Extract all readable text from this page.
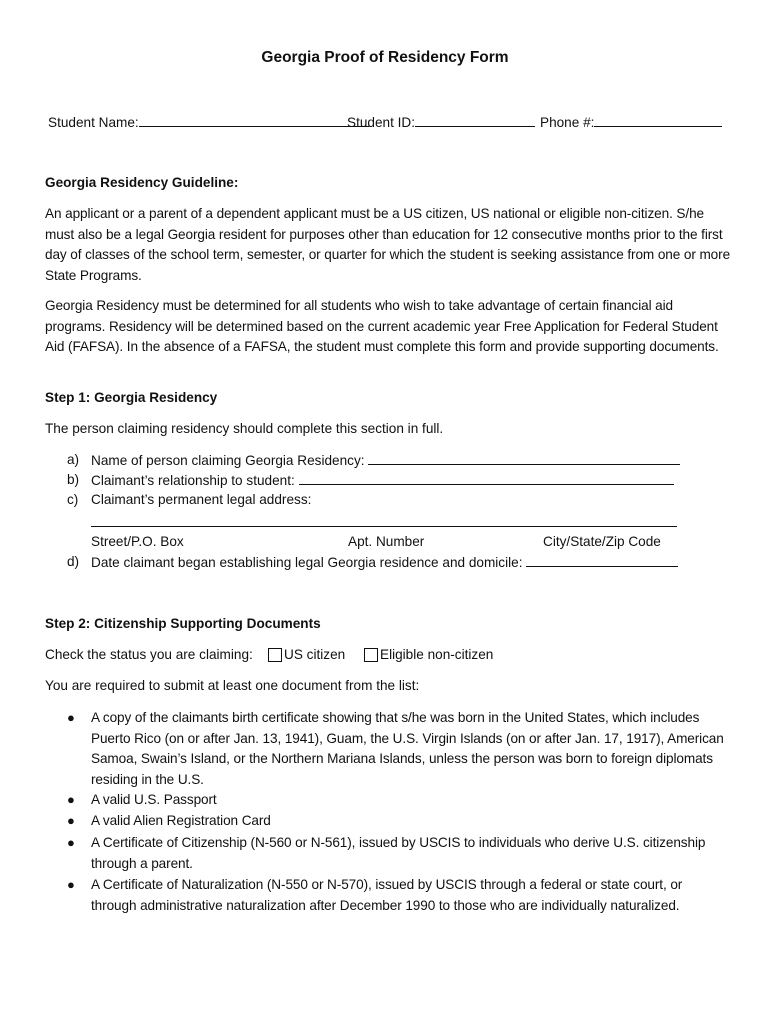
Georgia Proof of Residency Form
Student Name:	Student ID:	Phone #:
Georgia Residency Guideline:
An applicant or a parent of a dependent applicant must be a US citizen, US national or eligible non-citizen. S/he must also be a legal Georgia resident for purposes other than education for 12 consecutive months prior to the first day of classes of the school term, semester, or quarter for which the student is seeking assistance from one or more State Programs.
Georgia Residency must be determined for all students who wish to take advantage of certain financial aid programs. Residency will be determined based on the current academic year Free Application for Federal Student Aid (FAFSA). In the absence of a FAFSA, the student must complete this form and provide supporting documents.
Step 1: Georgia Residency
The person claiming residency should complete this section in full.
a) Name of person claiming Georgia Residency:
b) Claimant’s relationship to student:
c) Claimant’s permanent legal address:
Street/P.O. Box	Apt. Number	City/State/Zip Code
d) Date claimant began establishing legal Georgia residence and domicile:
Step 2: Citizenship Supporting Documents
Check the status you are claiming: US citizen	Eligible non-citizen
You are required to submit at least one document from the list:
● A copy of the claimants birth certificate showing that s/he was born in the United States, which includes Puerto Rico (on or after Jan. 13, 1941), Guam, the U.S. Virgin Islands (on or after Jan. 17, 1917), American Samoa, Swain’s Island, or the Northern Mariana Islands, unless the person was born to foreign diplomats residing in the U.S.
● A valid U.S. Passport
● A valid Alien Registration Card
● A Certificate of Citizenship (N-560 or N-561), issued by USCIS to individuals who derive U.S. citizenship through a parent.
● A Certificate of Naturalization (N-550 or N-570), issued by USCIS through a federal or state court, or through administrative naturalization after December 1990 to those who are individually naturalized.
